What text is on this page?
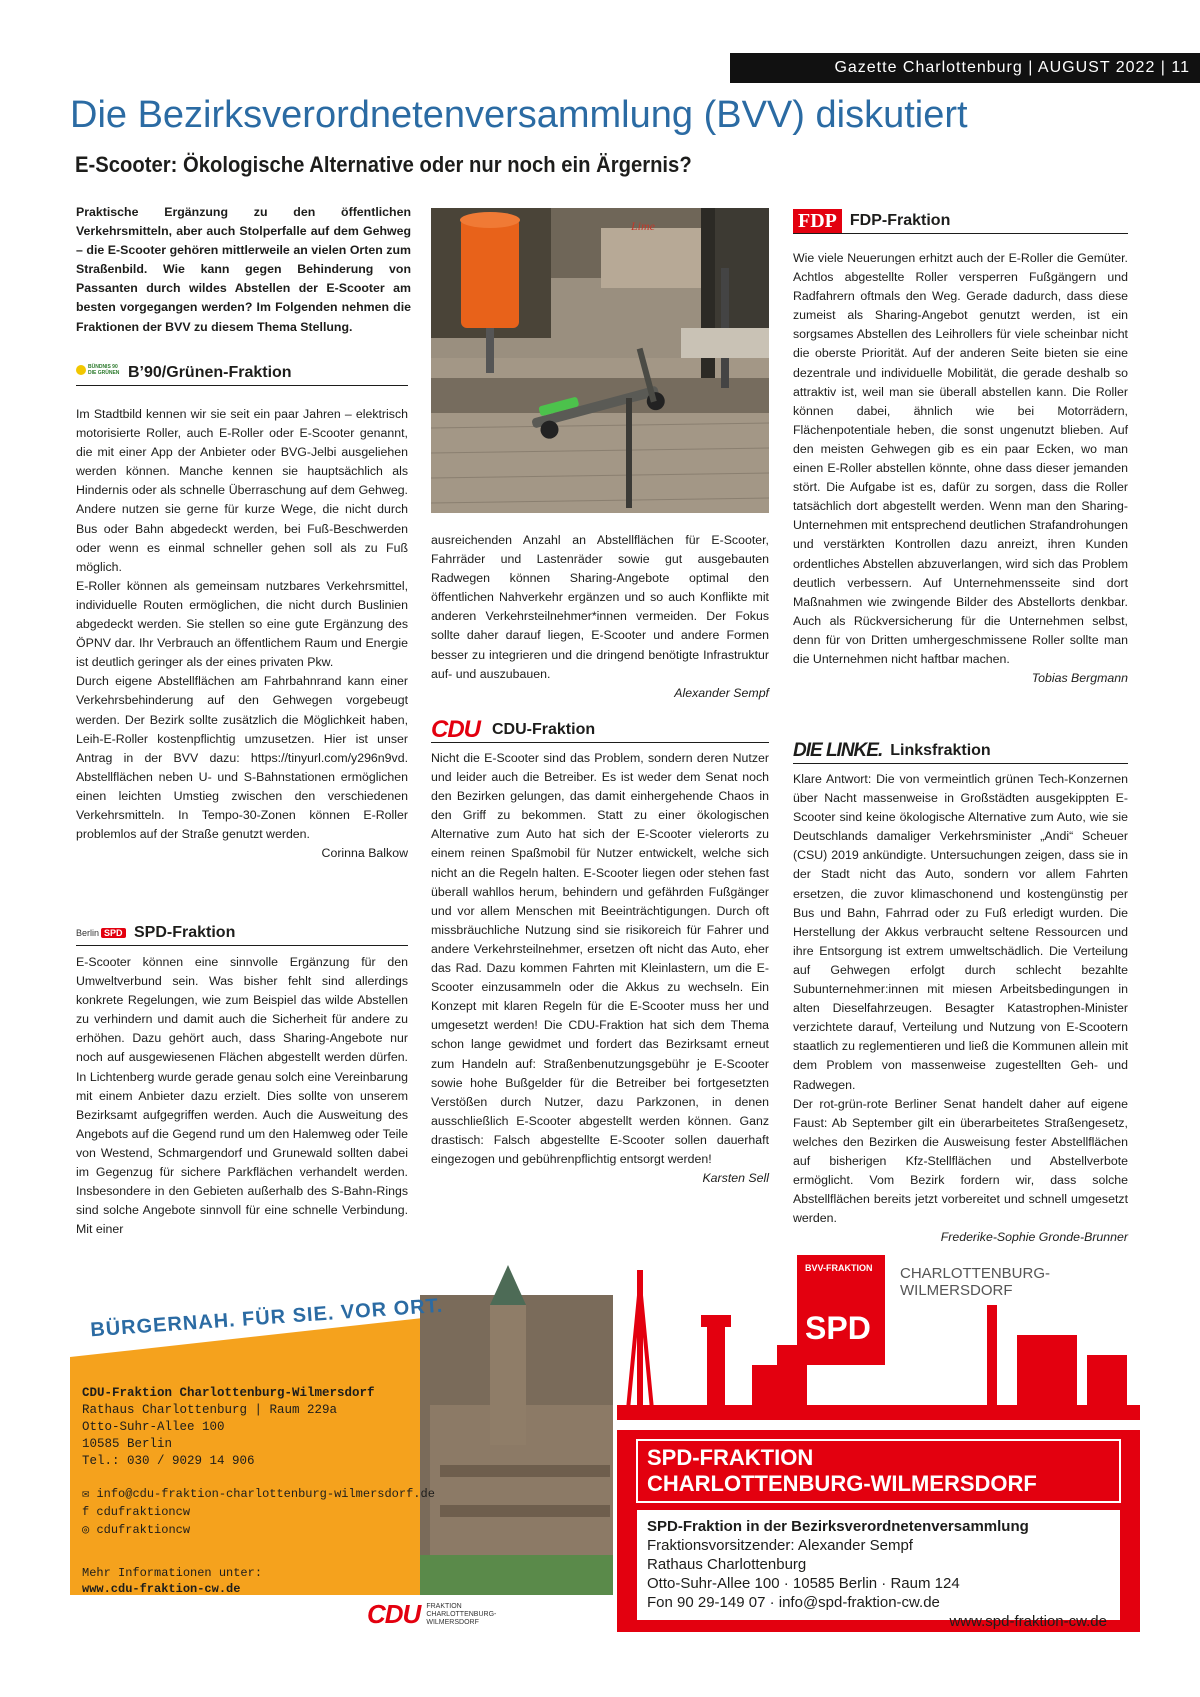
Gazette Charlottenburg | AUGUST 2022 | 11
Die Bezirksverordnetenversammlung (BVV) diskutiert
E-Scooter: Ökologische Alternative oder nur noch ein Ärgernis?
Praktische Ergänzung zu den öffentlichen Verkehrsmitteln, aber auch Stolperfalle auf dem Gehweg – die E-Scooter gehören mittlerweile an vielen Orten zum Straßenbild. Wie kann gegen Behinderung von Passanten durch wildes Abstellen der E-Scooter am besten vorgegangen werden? Im Folgenden nehmen die Fraktionen der BVV zu diesem Thema Stellung.
BÜNDNIS 90 DIE GRÜNEN B’90/Grünen-Fraktion

Im Stadtbild kennen wir sie seit ein paar Jahren – elektrisch motorisierte Roller, auch E-Roller oder E-Scooter genannt, die mit einer App der Anbieter oder BVG-Jelbi ausgeliehen werden können. Manche kennen sie hauptsächlich als Hindernis oder als schnelle Überraschung auf dem Gehweg. Andere nutzen sie gerne für kurze Wege, die nicht durch Bus oder Bahn abgedeckt werden, bei Fuß-Beschwerden oder wenn es einmal schneller gehen soll als zu Fuß möglich.

E-Roller können als gemeinsam nutzbares Verkehrsmittel, individuelle Routen ermöglichen, die nicht durch Buslinien abgedeckt werden. Sie stellen so eine gute Ergänzung des ÖPNV dar. Ihr Verbrauch an öffentlichem Raum und Energie ist deutlich geringer als der eines privaten Pkw.

Durch eigene Abstellflächen am Fahrbahnrand kann einer Verkehrsbehinderung auf den Gehwegen vorgebeugt werden. Der Bezirk sollte zusätzlich die Möglichkeit haben, Leih-E-Roller kostenpflichtig umzusetzen. Hier ist unser Antrag in der BVV dazu: https://tinyurl.com/y296n9vd. Abstellflächen neben U- und S-Bahnstationen ermöglichen einen leichten Umstieg zwischen den verschiedenen Verkehrsmitteln. In Tempo-30-Zonen können E-Roller problemlos auf der Straße genutzt werden.

Corinna Balkow

Berlin SPD SPD-Fraktion

E-Scooter können eine sinnvolle Ergänzung für den Umweltverbund sein. Was bisher fehlt sind allerdings konkrete Regelungen, wie zum Beispiel das wilde Abstellen zu verhindern und damit auch die Sicherheit für andere zu erhöhen. Dazu gehört auch, dass Sharing-Angebote nur noch auf ausgewiesenen Flächen abgestellt werden dürfen. In Lichtenberg wurde gerade genau solch eine Vereinbarung mit einem Anbieter dazu erzielt. Dies sollte von unserem Bezirksamt aufgegriffen werden. Auch die Ausweitung des Angebots auf die Gegend rund um den Halemweg oder Teile von Westend, Schmargendorf und Grunewald sollten dabei im Gegenzug für sichere Parkflächen verhandelt werden. Insbesondere in den Gebieten außerhalb des S-Bahn-Rings sind solche Angebote sinnvoll für eine schnelle Verbindung. Mit einer

Lime

ausreichenden Anzahl an Abstellflächen für E-Scooter, Fahrräder und Lastenräder sowie gut ausgebauten Radwegen können Sharing-Angebote optimal den öffentlichen Nahverkehr ergänzen und so auch Konflikte mit anderen Verkehrsteilnehmer*innen vermeiden. Der Fokus sollte daher darauf liegen, E-Scooter und andere Formen besser zu integrieren und die dringend benötigte Infrastruktur auf- und auszubauen.

Alexander Sempf

CDU CDU-Fraktion

Nicht die E-Scooter sind das Problem, sondern deren Nutzer und leider auch die Betreiber. Es ist weder dem Senat noch den Bezirken gelungen, das damit einhergehende Chaos in den Griff zu bekommen. Statt zu einer ökologischen Alternative zum Auto hat sich der E-Scooter vielerorts zu einem reinen Spaßmobil für Nutzer entwickelt, welche sich nicht an die Regeln halten. E-Scooter liegen oder stehen fast überall wahllos herum, behindern und gefährden Fußgänger und vor allem Menschen mit Beeinträchtigungen. Durch oft missbräuchliche Nutzung sind sie risikoreich für Fahrer und andere Verkehrsteilnehmer, ersetzen oft nicht das Auto, eher das Rad. Dazu kommen Fahrten mit Kleinlastern, um die E-Scooter einzusammeln oder die Akkus zu wechseln. Ein Konzept mit klaren Regeln für die E-Scooter muss her und umgesetzt werden! Die CDU-Fraktion hat sich dem Thema schon lange gewidmet und fordert das Bezirksamt erneut zum Handeln auf: Straßenbenutzungsgebühr je E-Scooter sowie hohe Bußgelder für die Betreiber bei fortgesetzten Verstößen durch Nutzer, dazu Parkzonen, in denen ausschließlich E-Scooter abgestellt werden können. Ganz drastisch: Falsch abgestellte E-Scooter sollen dauerhaft eingezogen und gebührenpflichtig entsorgt werden!

Karsten Sell

FDP FDP-Fraktion

Wie viele Neuerungen erhitzt auch der E-Roller die Gemüter. Achtlos abgestellte Roller versperren Fußgängern und Radfahrern oftmals den Weg. Gerade dadurch, dass diese zumeist als Sharing-Angebot genutzt werden, ist ein sorgsames Abstellen des Leihrollers für viele scheinbar nicht die oberste Priorität. Auf der anderen Seite bieten sie eine dezentrale und individuelle Mobilität, die gerade deshalb so attraktiv ist, weil man sie überall abstellen kann. Die Roller können dabei, ähnlich wie bei Motorrädern, Flächenpotentiale heben, die sonst ungenutzt blieben. Auf den meisten Gehwegen gib es ein paar Ecken, wo man einen E-Roller abstellen könnte, ohne dass dieser jemanden stört. Die Aufgabe ist es, dafür zu sorgen, dass die Roller tatsächlich dort abgestellt werden. Wenn man den Sharing-Unternehmen mit entsprechend deutlichen Strafandrohungen und verstärkten Kontrollen dazu anreizt, ihren Kunden ordentliches Abstellen abzuverlangen, wird sich das Problem deutlich verbessern. Auf Unternehmensseite sind dort Maßnahmen wie zwingende Bilder des Abstellorts denkbar. Auch als Rückversicherung für die Unternehmen selbst, denn für von Dritten umhergeschmissene Roller sollte man die Unternehmen nicht haftbar machen.

Tobias Bergmann

DIE LINKE. Linksfraktion

Klare Antwort: Die von vermeintlich grünen Tech-Konzernen über Nacht massenweise in Großstädten ausgekippten E-Scooter sind keine ökologische Alternative zum Auto, wie sie Deutschlands damaliger Verkehrsminister „Andi“ Scheuer (CSU) 2019 ankündigte. Untersuchungen zeigen, dass sie in der Stadt nicht das Auto, sondern vor allem Fahrten ersetzen, die zuvor klimaschonend und kostengünstig per Bus und Bahn, Fahrrad oder zu Fuß erledigt wurden. Die Herstellung der Akkus verbraucht seltene Ressourcen und ihre Entsorgung ist extrem umweltschädlich. Die Verteilung auf Gehwegen erfolgt durch schlecht bezahlte Subunternehmer:innen mit miesen Arbeitsbedingungen in alten Dieselfahrzeugen. Besagter Katastrophen-Minister verzichtete darauf, Verteilung und Nutzung von E-Scootern staatlich zu reglementieren und ließ die Kommunen allein mit dem Problem von massenweise zugestellten Geh- und Radwegen.

Der rot-grün-rote Berliner Senat handelt daher auf eigene Faust: Ab September gilt ein überarbeitetes Straßengesetz, welches den Bezirken die Ausweisung fester Abstellflächen auf bisherigen Kfz-Stellflächen und Abstellverbote ermöglicht. Vom Bezirk fordern wir, dass solche Abstellflächen bereits jetzt vorbereitet und schnell umgesetzt werden.

Frederike-Sophie Gronde-Brunner

BÜRGERNAH. FÜR SIE. VOR ORT.
CDU-Fraktion Charlottenburg-Wilmersdorf
Rathaus Charlottenburg | Raum 229a
Otto-Suhr-Allee 100
10585 Berlin
Tel.: 030 / 9029 14 906
✉ info@cdu-fraktion-charlottenburg-wilmersdorf.de
f cdufraktioncw
◎ cdufraktioncw
Mehr Informationen unter:
www.cdu-fraktion-cw.de
CDU FRAKTION
CHARLOTTENBURG-
WILMERSDORF
BVV-FRAKTION
SPD
CHARLOTTENBURG-
WILMERSDORF
SPD-FRAKTION
CHARLOTTENBURG-WILMERSDORF
SPD-Fraktion in der Bezirksverordnetenversammlung
Fraktionsvorsitzender: Alexander Sempf
Rathaus Charlottenburg
Otto-Suhr-Allee 100 · 10585 Berlin · Raum 124
Fon 90 29-149 07 · info@spd-fraktion-cw.de
www.spd-fraktion-cw.de
